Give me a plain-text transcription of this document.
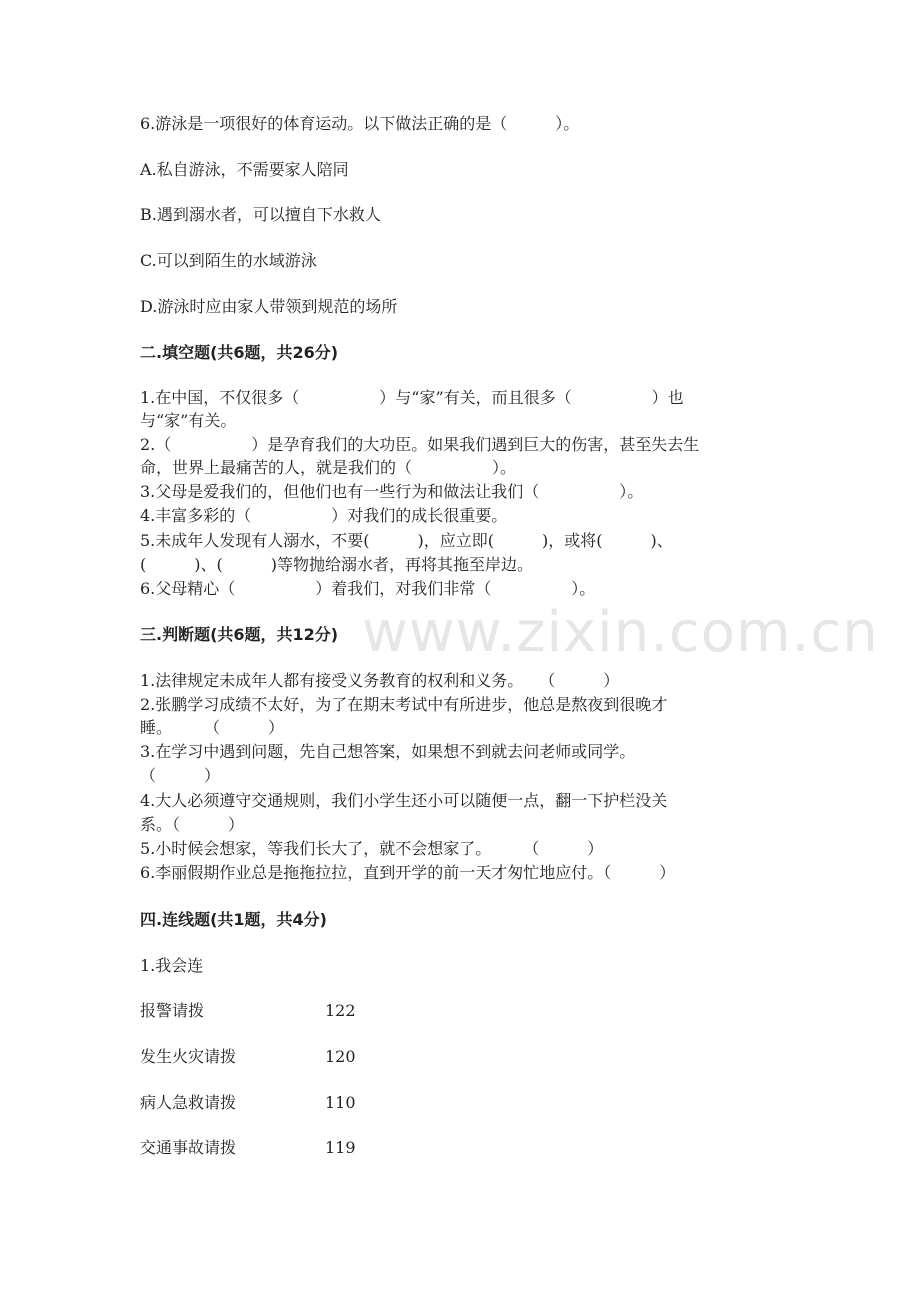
www.zixin.com.cn
6.游泳是一项很好的体育运动。以下做法正确的是（　　　）。
A.私自游泳，不需要家人陪同
B.遇到溺水者，可以擅自下水救人
C.可以到陌生的水域游泳
D.游泳时应由家人带领到规范的场所
二.填空题(共6题，共26分)
1.在中国，不仅很多（　　　　　）与“家”有关，而且很多（　　　　　）也
与“家”有关。
2.（　　　　　）是孕育我们的大功臣。如果我们遇到巨大的伤害，甚至失去生
命，世界上最痛苦的人，就是我们的（　　　　　）。
3.父母是爱我们的，但他们也有一些行为和做法让我们（　　　　　）。
4.丰富多彩的（　　　　　）对我们的成长很重要。
5.未成年人发现有人溺水，不要(　　　)，应立即(　　　)，或将(　　　)、
(　　　)、(　　　)等物抛给溺水者，再将其拖至岸边。
6.父母精心（　　　　　）着我们，对我们非常（　　　　　）。
三.判断题(共6题，共12分)
1.法律规定未成年人都有接受义务教育的权利和义务。　　（　　　）
2.张鹏学习成绩不太好，为了在期末考试中有所进步，他总是熬夜到很晚才
睡。　　　（　　　）
3.在学习中遇到问题，先自己想答案，如果想不到就去问老师或同学。
（　　　）
4.大人必须遵守交通规则，我们小学生还小可以随便一点，翻一下护栏没关
系。（　　　）
5.小时候会想家，等我们长大了，就不会想家了。　　　（　　　）
6.李丽假期作业总是拖拖拉拉，直到开学的前一天才匆忙地应付。（　　　）
四.连线题(共1题，共4分)
1.我会连
报警请拨	122
发生火灾请拨	120
病人急救请拨	110
交通事故请拨	119
